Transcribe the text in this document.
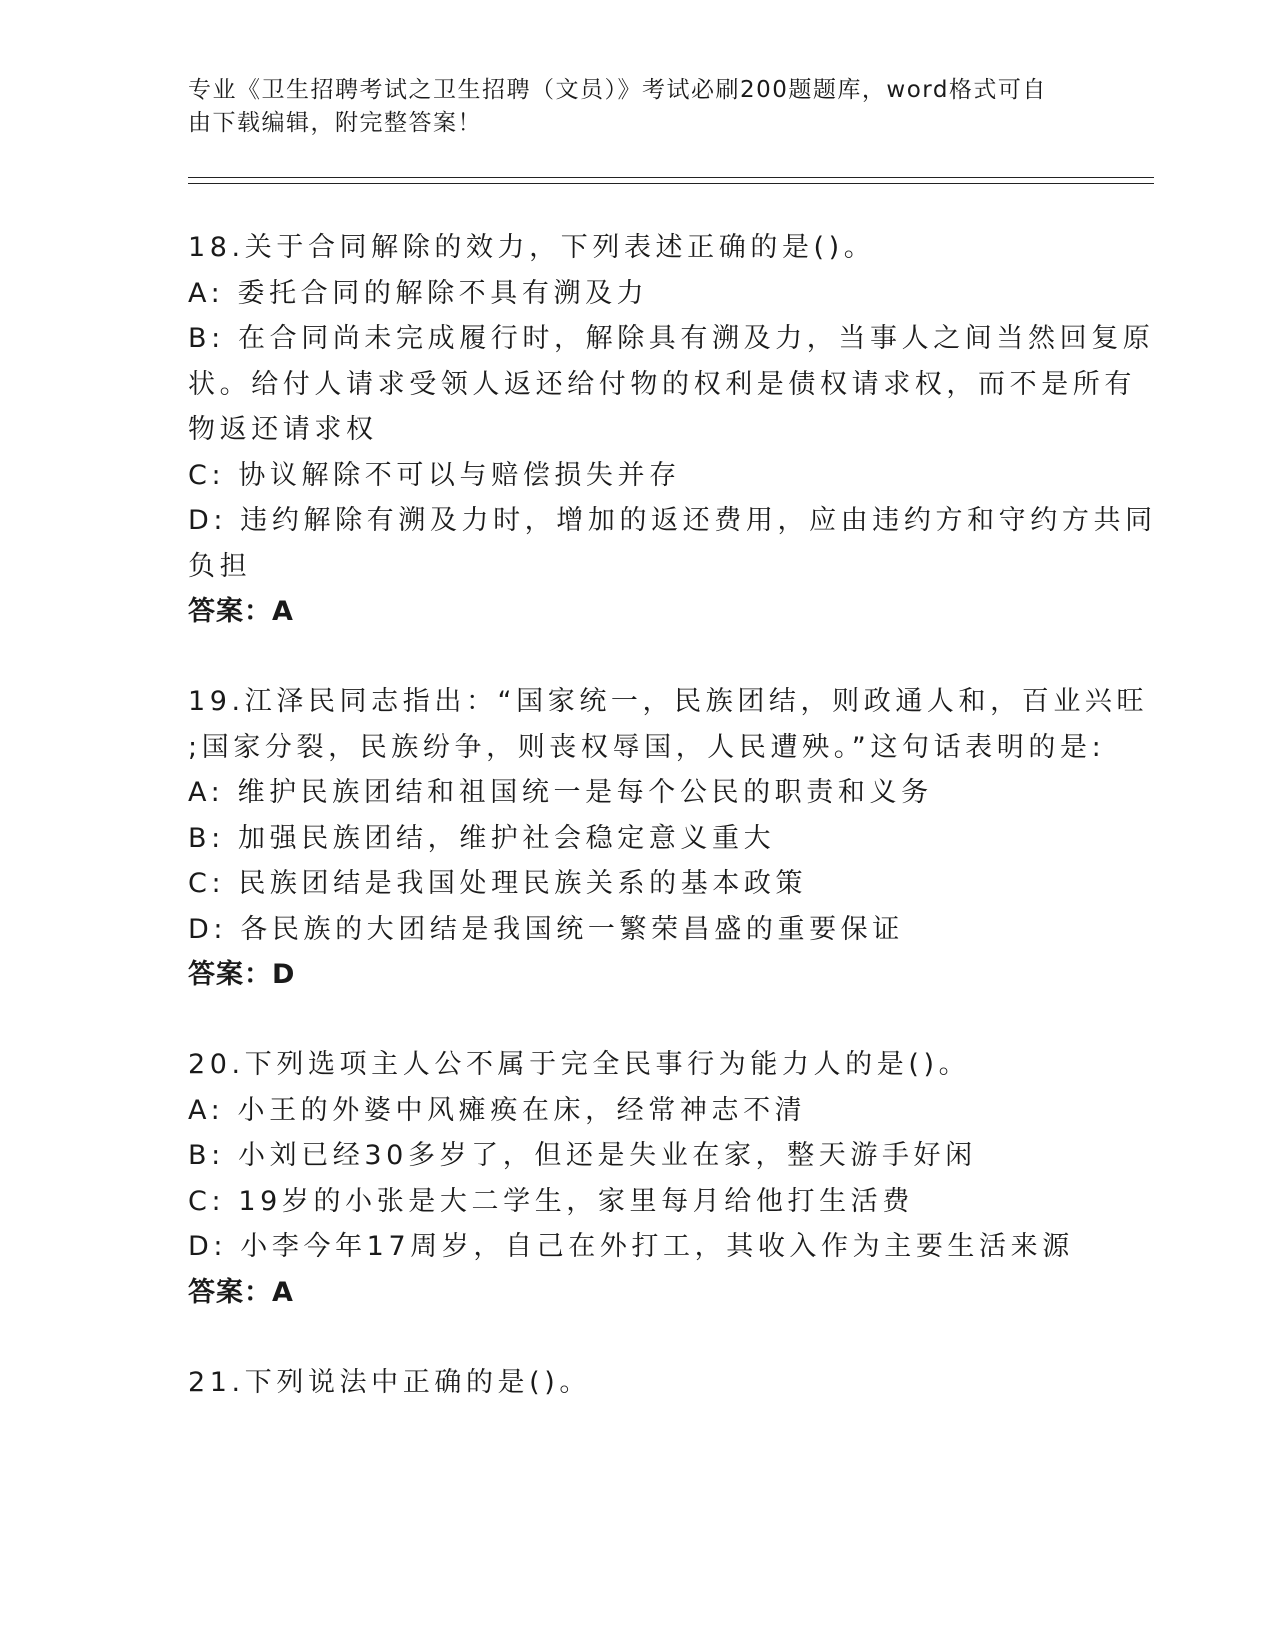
专业《卫生招聘考试之卫生招聘（文员）》考试必刷200题题库，word格式可自
由下载编辑，附完整答案！
18.关于合同解除的效力，下列表述正确的是()。
A: 委托合同的解除不具有溯及力
B: 在合同尚未完成履行时，解除具有溯及力，当事人之间当然回复原
状。给付人请求受领人返还给付物的权利是债权请求权，而不是所有
物返还请求权
C: 协议解除不可以与赔偿损失并存
D: 违约解除有溯及力时，增加的返还费用，应由违约方和守约方共同
负担
答案：A
19.江泽民同志指出：“国家统一，民族团结，则政通人和，百业兴旺
;国家分裂，民族纷争，则丧权辱国，人民遭殃。”这句话表明的是:
A: 维护民族团结和祖国统一是每个公民的职责和义务
B: 加强民族团结，维护社会稳定意义重大
C: 民族团结是我国处理民族关系的基本政策
D: 各民族的大团结是我国统一繁荣昌盛的重要保证
答案：D
20.下列选项主人公不属于完全民事行为能力人的是()。
A: 小王的外婆中风瘫痪在床，经常神志不清
B: 小刘已经30多岁了，但还是失业在家，整天游手好闲
C: 19岁的小张是大二学生，家里每月给他打生活费
D: 小李今年17周岁，自己在外打工，其收入作为主要生活来源
答案：A
21.下列说法中正确的是()。
